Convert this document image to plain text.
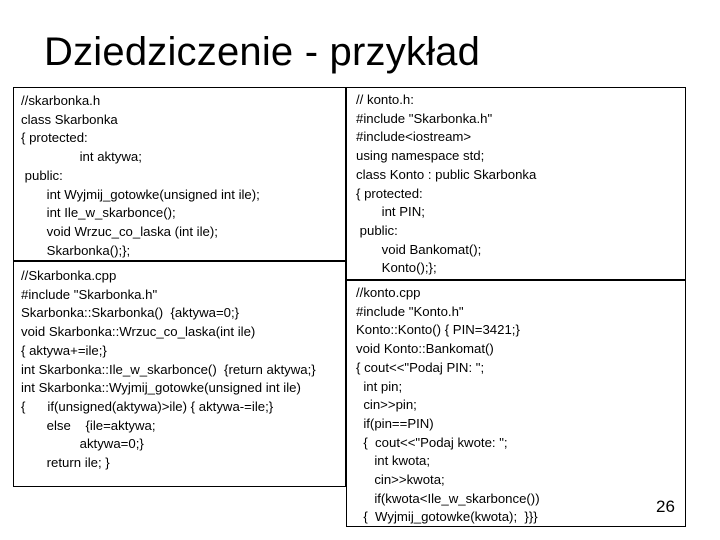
Dziedziczenie - przykład
//skarbonka.h
class Skarbonka
{ protected:
int aktywa;
public:
int Wyjmij_gotowke(unsigned int ile);
int Ile_w_skarbonce();
void Wrzuc_co_laska (int ile);
Skarbonka();};
//Skarbonka.cpp
#include "Skarbonka.h"
Skarbonka::Skarbonka()  {aktywa=0;}
void Skarbonka::Wrzuc_co_laska(int ile)
{ aktywa+=ile;}
int Skarbonka::Ile_w_skarbonce()  {return aktywa;}
int Skarbonka::Wyjmij_gotowke(unsigned int ile)
{      if(unsigned(aktywa)>ile) { aktywa-=ile;}
else    {ile=aktywa;
aktywa=0;}
return ile; }
// konto.h:
#include "Skarbonka.h"
#include<iostream>
using namespace std;
class Konto : public Skarbonka
{ protected:
int PIN;
public:
void Bankomat();
Konto();};
//konto.cpp
#include "Konto.h"
Konto::Konto() { PIN=3421;}
void Konto::Bankomat()
{ cout<<"Podaj PIN: ";
int pin;
cin>>pin;
if(pin==PIN)
{  cout<<"Podaj kwote: ";
int kwota;
cin>>kwota;
if(kwota<Ile_w_skarbonce())
{  Wyjmij_gotowke(kwota);  }}}
26
